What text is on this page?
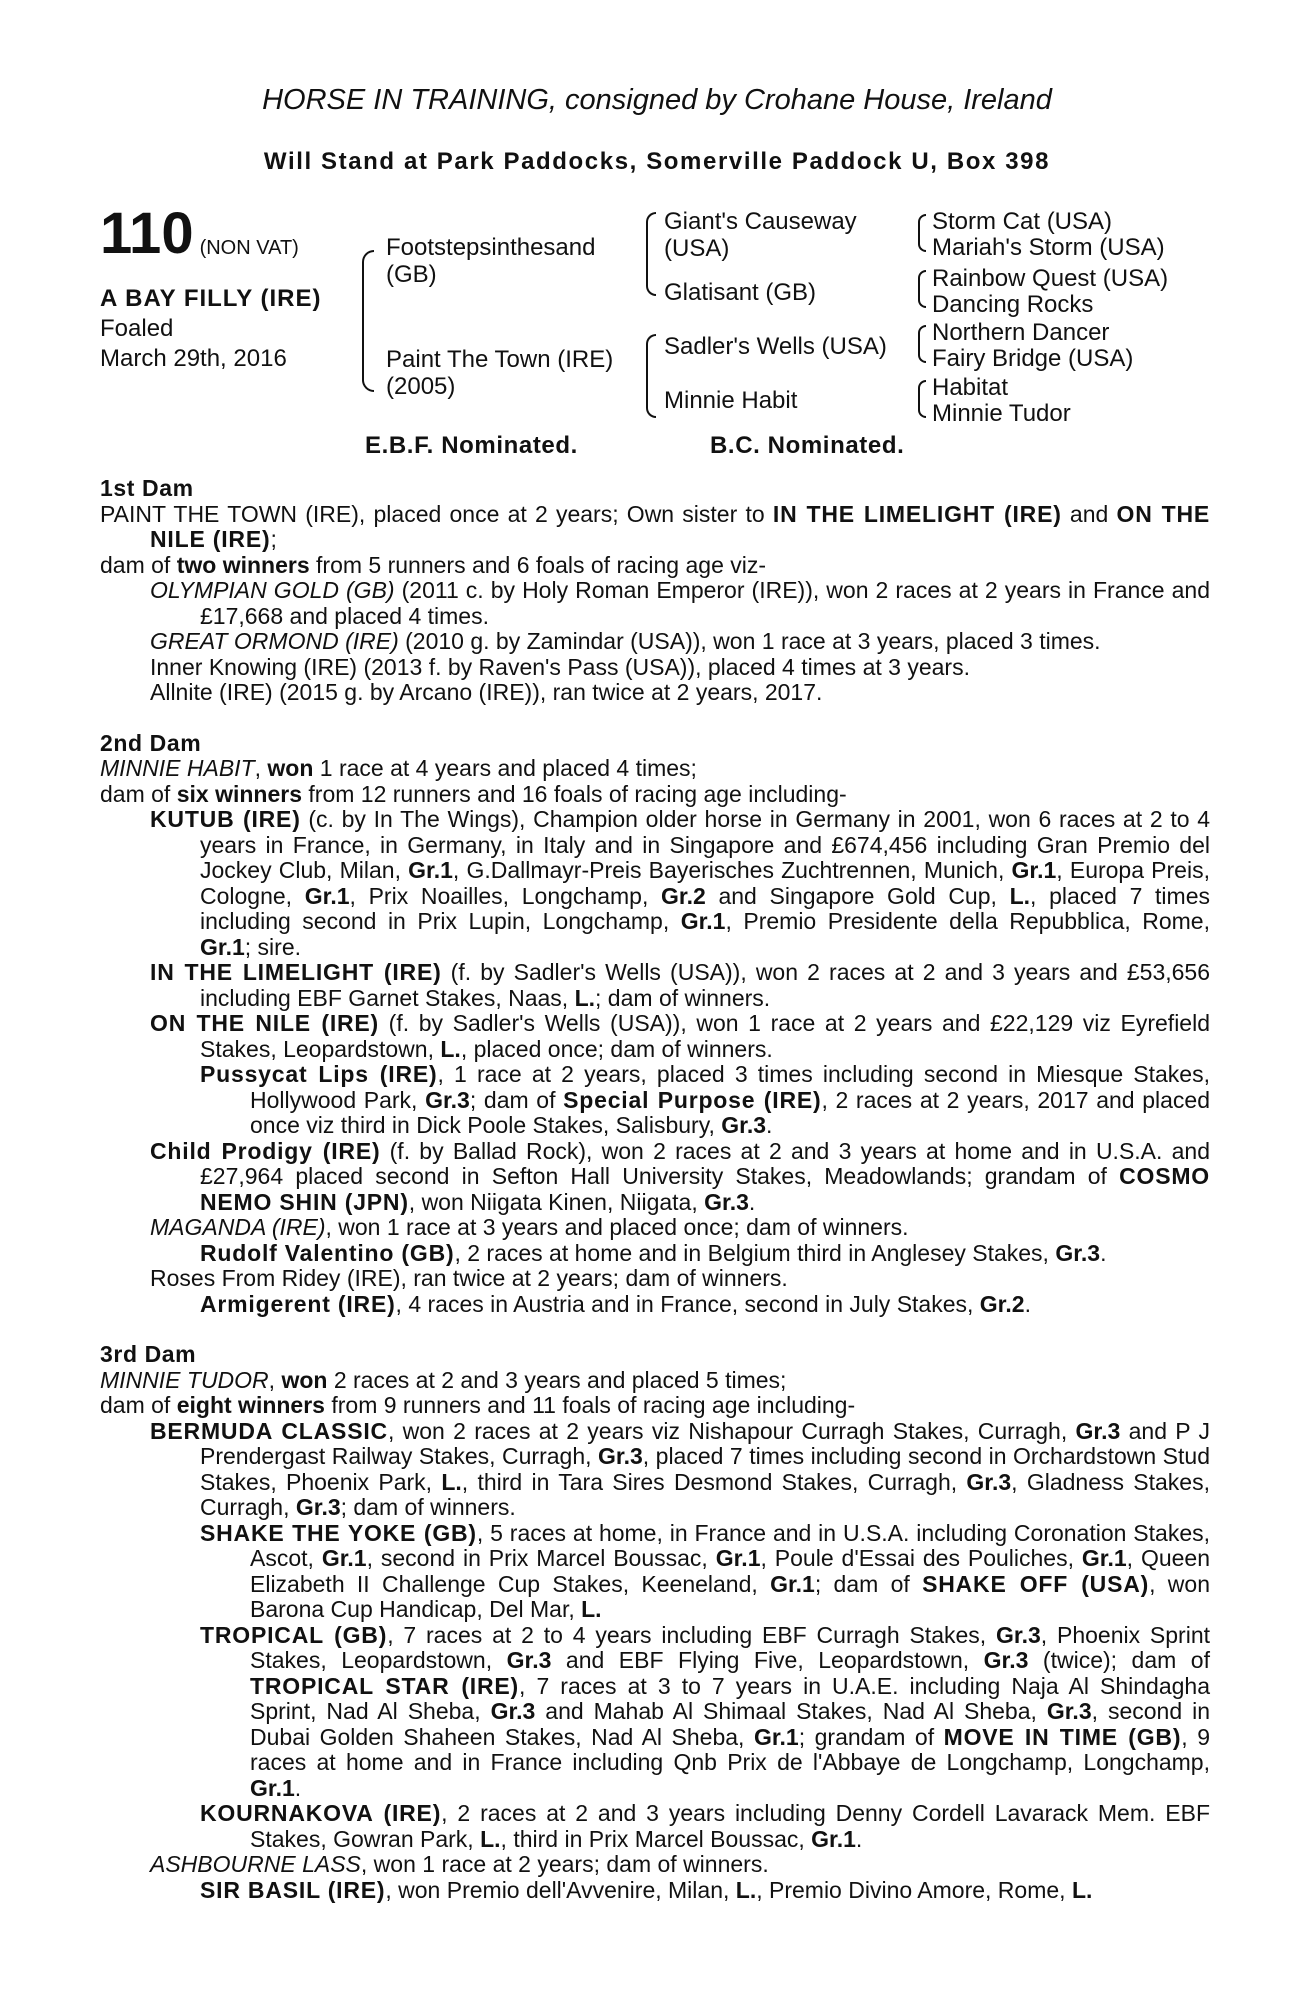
HORSE IN TRAINING, consigned by Crohane House, Ireland
Will Stand at Park Paddocks, Somerville Paddock U, Box 398
110 (NON VAT)
A BAY FILLY (IRE)
Foaled
March 29th, 2016
Footstepsinthesand
(GB)
Paint The Town (IRE)
(2005)
Giant's Causeway
(USA)
Glatisant (GB)
Sadler's Wells (USA)
Minnie Habit
Storm Cat (USA)
Mariah's Storm (USA)
Rainbow Quest (USA)
Dancing Rocks
Northern Dancer
Fairy Bridge (USA)
Habitat
Minnie Tudor
E.B.F. Nominated.	B.C. Nominated.

1st Dam

PAINT THE TOWN (IRE), placed once at 2 years; Own sister to IN THE LIMELIGHT (IRE) and ON THE NILE (IRE);

dam of two winners from 5 runners and 6 foals of racing age viz-

OLYMPIAN GOLD (GB) (2011 c. by Holy Roman Emperor (IRE)), won 2 races at 2 years in France and £17,668 and placed 4 times.

GREAT ORMOND (IRE) (2010 g. by Zamindar (USA)), won 1 race at 3 years, placed 3 times.

Inner Knowing (IRE) (2013 f. by Raven's Pass (USA)), placed 4 times at 3 years.

Allnite (IRE) (2015 g. by Arcano (IRE)), ran twice at 2 years, 2017.

2nd Dam

MINNIE HABIT, won 1 race at 4 years and placed 4 times;

dam of six winners from 12 runners and 16 foals of racing age including-

KUTUB (IRE) (c. by In The Wings), Champion older horse in Germany in 2001, won 6 races at 2 to 4 years in France, in Germany, in Italy and in Singapore and £674,456 including Gran Premio del Jockey Club, Milan, Gr.1, G.Dallmayr-Preis Bayerisches Zuchtrennen, Munich, Gr.1, Europa Preis, Cologne, Gr.1, Prix Noailles, Longchamp, Gr.2 and Singapore Gold Cup, L., placed 7 times including second in Prix Lupin, Longchamp, Gr.1, Premio Presidente della Repubblica, Rome, Gr.1; sire.

IN THE LIMELIGHT (IRE) (f. by Sadler's Wells (USA)), won 2 races at 2 and 3 years and £53,656 including EBF Garnet Stakes, Naas, L.; dam of winners.

ON THE NILE (IRE) (f. by Sadler's Wells (USA)), won 1 race at 2 years and £22,129 viz Eyrefield Stakes, Leopardstown, L., placed once; dam of winners.

Pussycat Lips (IRE), 1 race at 2 years, placed 3 times including second in Miesque Stakes, Hollywood Park, Gr.3; dam of Special Purpose (IRE), 2 races at 2 years, 2017 and placed once viz third in Dick Poole Stakes, Salisbury, Gr.3.

Child Prodigy (IRE) (f. by Ballad Rock), won 2 races at 2 and 3 years at home and in U.S.A. and £27,964 placed second in Sefton Hall University Stakes, Meadowlands; grandam of COSMO NEMO SHIN (JPN), won Niigata Kinen, Niigata, Gr.3.

MAGANDA (IRE), won 1 race at 3 years and placed once; dam of winners.

Rudolf Valentino (GB), 2 races at home and in Belgium third in Anglesey Stakes, Gr.3.

Roses From Ridey (IRE), ran twice at 2 years; dam of winners.

Armigerent (IRE), 4 races in Austria and in France, second in July Stakes, Gr.2.

3rd Dam

MINNIE TUDOR, won 2 races at 2 and 3 years and placed 5 times;

dam of eight winners from 9 runners and 11 foals of racing age including-

BERMUDA CLASSIC, won 2 races at 2 years viz Nishapour Curragh Stakes, Curragh, Gr.3 and P J Prendergast Railway Stakes, Curragh, Gr.3, placed 7 times including second in Orchardstown Stud Stakes, Phoenix Park, L., third in Tara Sires Desmond Stakes, Curragh, Gr.3, Gladness Stakes, Curragh, Gr.3; dam of winners.

SHAKE THE YOKE (GB), 5 races at home, in France and in U.S.A. including Coronation Stakes, Ascot, Gr.1, second in Prix Marcel Boussac, Gr.1, Poule d'Essai des Pouliches, Gr.1, Queen Elizabeth II Challenge Cup Stakes, Keeneland, Gr.1; dam of SHAKE OFF (USA), won Barona Cup Handicap, Del Mar, L.

TROPICAL (GB), 7 races at 2 to 4 years including EBF Curragh Stakes, Gr.3, Phoenix Sprint Stakes, Leopardstown, Gr.3 and EBF Flying Five, Leopardstown, Gr.3 (twice); dam of TROPICAL STAR (IRE), 7 races at 3 to 7 years in U.A.E. including Naja Al Shindagha Sprint, Nad Al Sheba, Gr.3 and Mahab Al Shimaal Stakes, Nad Al Sheba, Gr.3, second in Dubai Golden Shaheen Stakes, Nad Al Sheba, Gr.1; grandam of MOVE IN TIME (GB), 9 races at home and in France including Qnb Prix de l'Abbaye de Longchamp, Longchamp, Gr.1.

KOURNAKOVA (IRE), 2 races at 2 and 3 years including Denny Cordell Lavarack Mem. EBF Stakes, Gowran Park, L., third in Prix Marcel Boussac, Gr.1.

ASHBOURNE LASS, won 1 race at 2 years; dam of winners.

SIR BASIL (IRE), won Premio dell'Avvenire, Milan, L., Premio Divino Amore, Rome, L.
